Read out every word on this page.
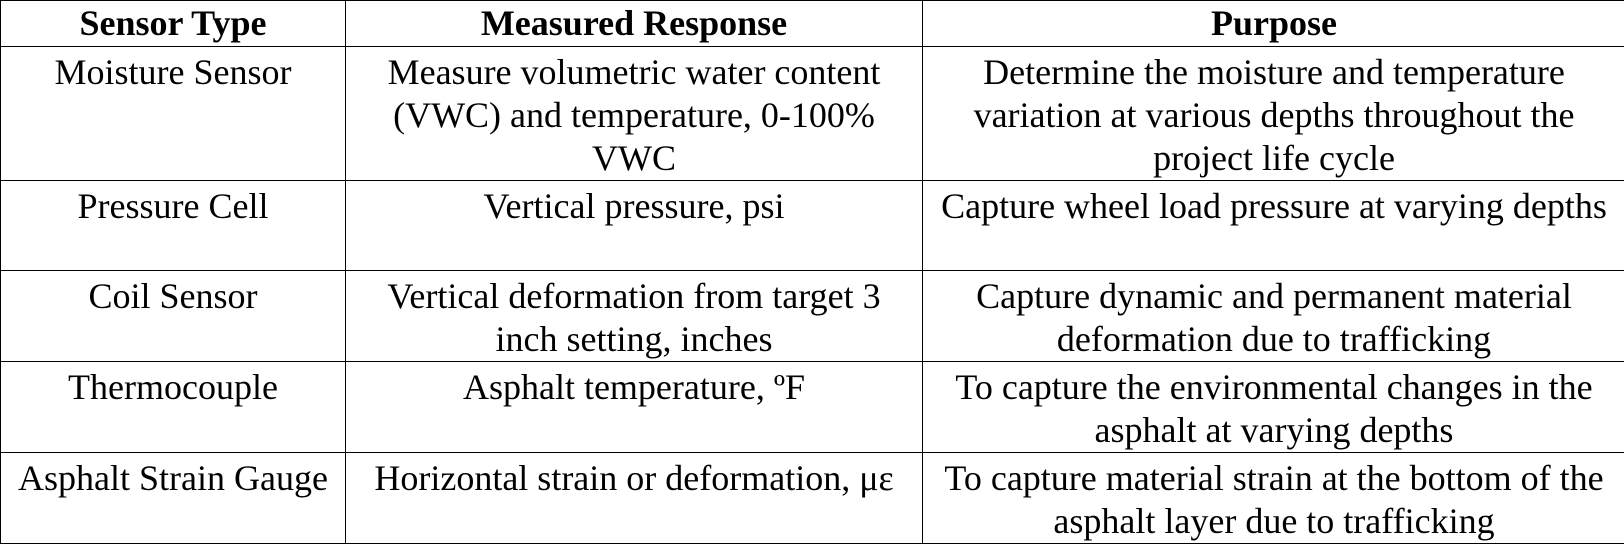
Sensor Type	Measured Response	Purpose
Moisture Sensor	Measure volumetric water content (VWC) and temperature, 0-100% VWC	Determine the moisture and temperature variation at various depths throughout the project life cycle
Pressure Cell	Vertical pressure, psi	Capture wheel load pressure at varying depths
Coil Sensor	Vertical deformation from target 3 inch setting, inches	Capture dynamic and permanent material deformation due to trafficking
Thermocouple	Asphalt temperature, ºF	To capture the environmental changes in the asphalt at varying depths
Asphalt Strain Gauge	Horizontal strain or deformation, με	To capture material strain at the bottom of the asphalt layer due to trafficking
